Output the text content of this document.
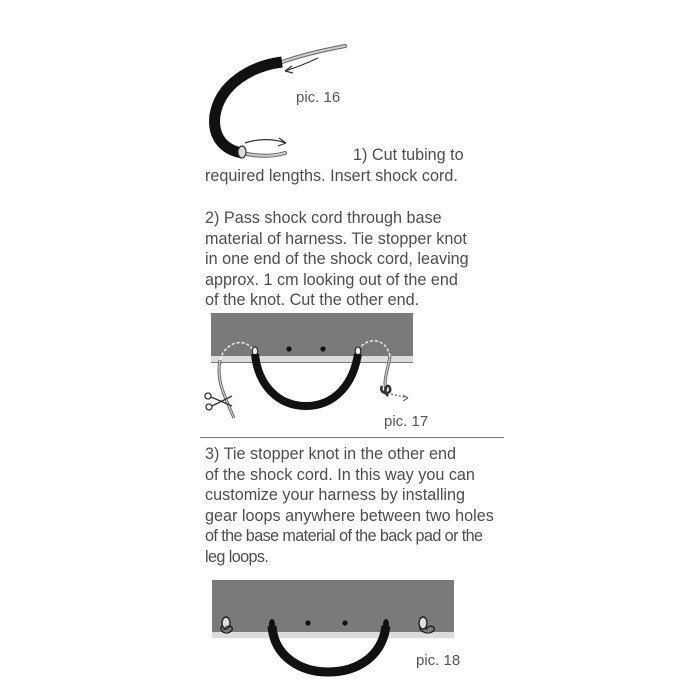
pic. 16
1) Cut tubing to
required lengths. Insert shock cord.
2) Pass shock cord through base
material of harness. Tie stopper knot
in one end of the shock cord, leaving
approx. 1 cm looking out of the end
of the knot. Cut the other end.
pic. 17
3) Tie stopper knot in the other end
of the shock cord. In this way you can
customize your harness by installing
gear loops anywhere between two holes
of the base material of the back pad or the
leg loops.
pic. 18
